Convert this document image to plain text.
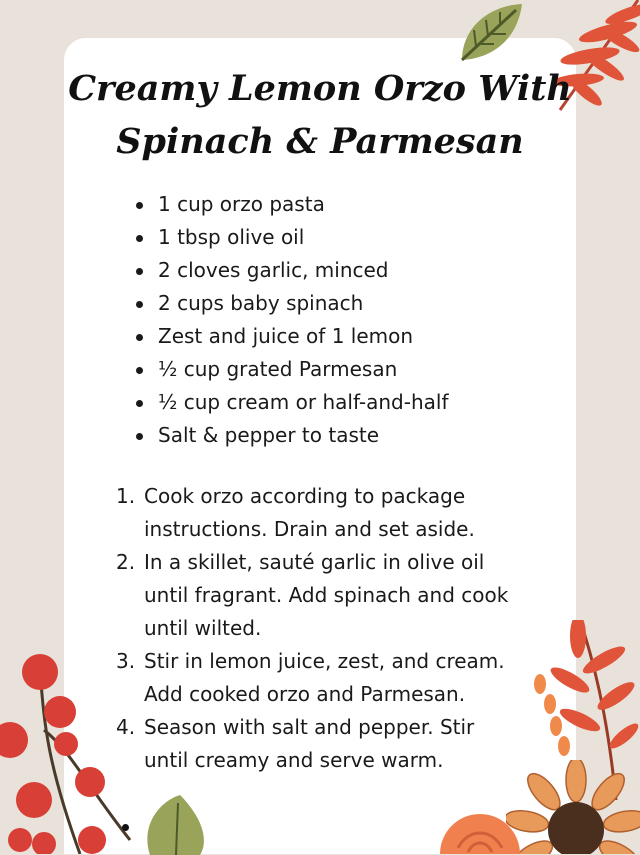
Creamy Lemon Orzo With
Spinach & Parmesan
1 cup orzo pasta
1 tbsp olive oil
2 cloves garlic, minced
2 cups baby spinach
Zest and juice of 1 lemon
½ cup grated Parmesan
½ cup cream or half-and-half
Salt & pepper to taste
1. Cook orzo according to package instructions. Drain and set aside.
2. In a skillet, sauté garlic in olive oil until fragrant. Add spinach and cook until wilted.
3. Stir in lemon juice, zest, and cream. Add cooked orzo and Parmesan.
4. Season with salt and pepper. Stir until creamy and serve warm.
